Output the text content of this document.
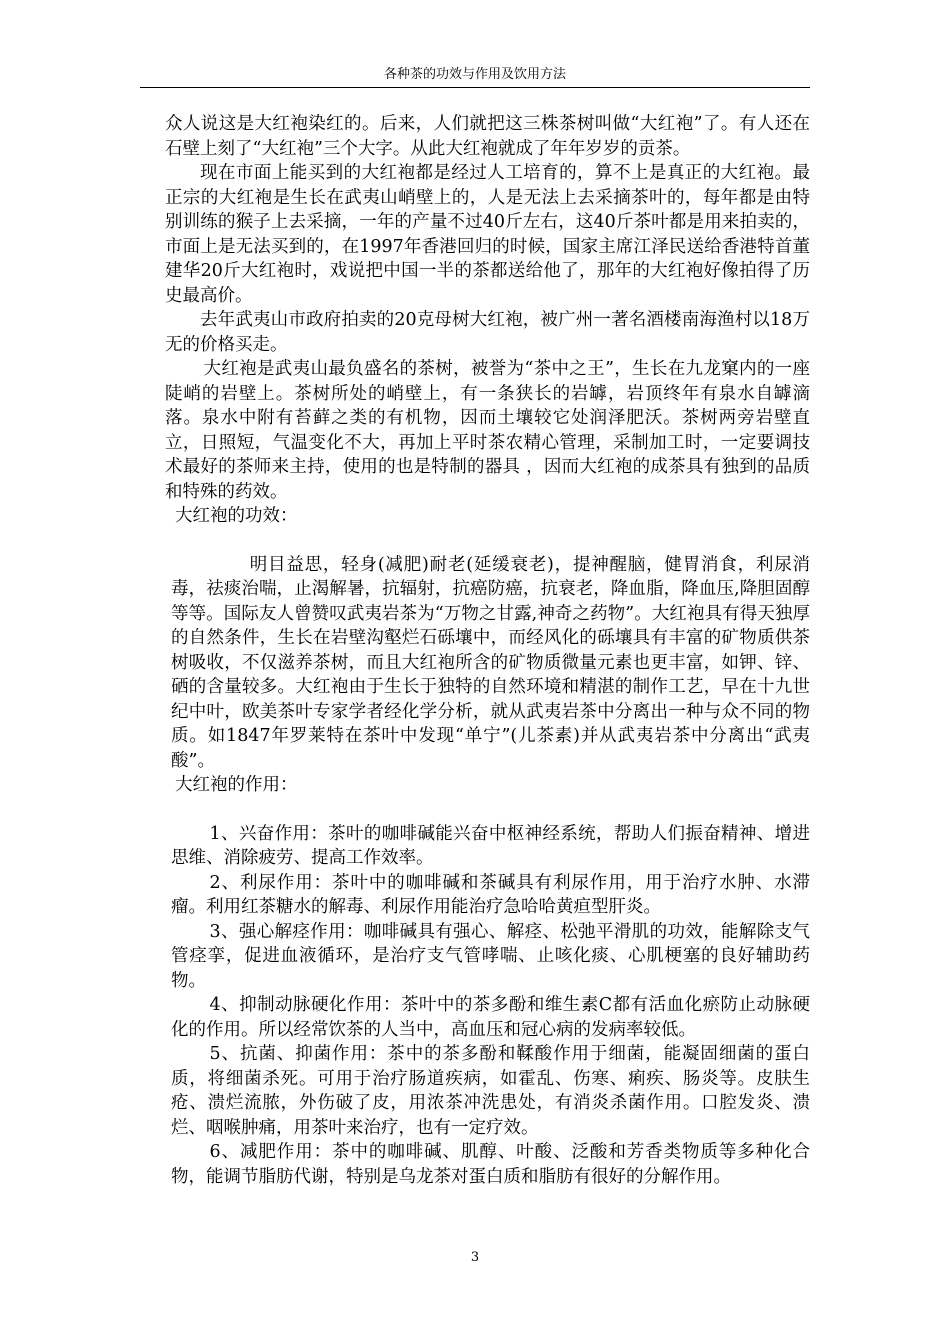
各种茶的功效与作用及饮用方法

众人说这是大红袍染红的。后来，人们就把这三株茶树叫做“大红袍”了。有人还在石壁上刻了“大红袍”三个大字。从此大红袍就成了年年岁岁的贡茶。

现在市面上能买到的大红袍都是经过人工培育的，算不上是真正的大红袍。最正宗的大红袍是生长在武夷山峭壁上的，人是无法上去采摘茶叶的，每年都是由特别训练的猴子上去采摘，一年的产量不过40斤左右，这40斤茶叶都是用来拍卖的，市面上是无法买到的，在1997年香港回归的时候，国家主席江泽民送给香港特首董建华20斤大红袍时，戏说把中国一半的茶都送给他了，那年的大红袍好像拍得了历史最高价。

去年武夷山市政府拍卖的20克母树大红袍，被广州一著名酒楼南海渔村以18万无的价格买走。

大红袍是武夷山最负盛名的茶树，被誉为“茶中之王”，生长在九龙窠内的一座陡峭的岩壁上。茶树所处的峭壁上，有一条狭长的岩罅，岩顶终年有泉水自罅滴落。泉水中附有苔藓之类的有机物，因而土壤较它处润泽肥沃。茶树两旁岩壁直立，日照短，气温变化不大，再加上平时茶农精心管理，采制加工时，一定要调技术最好的茶师来主持，使用的也是特制的器具 ，因而大红袍的成茶具有独到的品质和特殊的药效。

大红袍的功效：

明目益思，轻身(减肥)耐老(延缓衰老)，提神醒脑，健胃消食，利尿消毒，祛痰治喘，止渴解暑，抗辐射，抗癌防癌，抗衰老，降血脂，降血压,降胆固醇等等。国际友人曾赞叹武夷岩茶为“万物之甘露,神奇之药物”。大红袍具有得天独厚的自然条件，生长在岩壁沟壑烂石砾壤中，而经风化的砾壤具有丰富的矿物质供茶树吸收，不仅滋养茶树，而且大红袍所含的矿物质微量元素也更丰富，如钾、锌、硒的含量较多。大红袍由于生长于独特的自然环境和精湛的制作工艺，早在十九世纪中叶，欧美茶叶专家学者经化学分析，就从武夷岩茶中分离出一种与众不同的物质。如1847年罗莱特在茶叶中发现“单宁”(儿茶素)并从武夷岩茶中分离出“武夷酸”。

大红袍的作用：

1、兴奋作用：茶叶的咖啡碱能兴奋中枢神经系统，帮助人们振奋精神、增进思维、消除疲劳、提高工作效率。

2、利尿作用：茶叶中的咖啡碱和茶碱具有利尿作用，用于治疗水肿、水滞瘤。利用红茶糖水的解毒、利尿作用能治疗急哈哈黄疸型肝炎。

3、强心解痉作用：咖啡碱具有强心、解痉、松弛平滑肌的功效，能解除支气管痉挛，促进血液循环，是治疗支气管哮喘、止咳化痰、心肌梗塞的良好辅助药物。

4、抑制动脉硬化作用：茶叶中的茶多酚和维生素C都有活血化瘀防止动脉硬化的作用。所以经常饮茶的人当中，高血压和冠心病的发病率较低。

5、抗菌、抑菌作用：茶中的茶多酚和鞣酸作用于细菌，能凝固细菌的蛋白质，将细菌杀死。可用于治疗肠道疾病，如霍乱、伤寒、痢疾、肠炎等。皮肤生疮、溃烂流脓，外伤破了皮，用浓茶冲洗患处，有消炎杀菌作用。口腔发炎、溃烂、咽喉肿痛，用茶叶来治疗，也有一定疗效。

6、减肥作用：茶中的咖啡碱、肌醇、叶酸、泛酸和芳香类物质等多种化合物，能调节脂肪代谢，特别是乌龙茶对蛋白质和脂肪有很好的分解作用。

3
